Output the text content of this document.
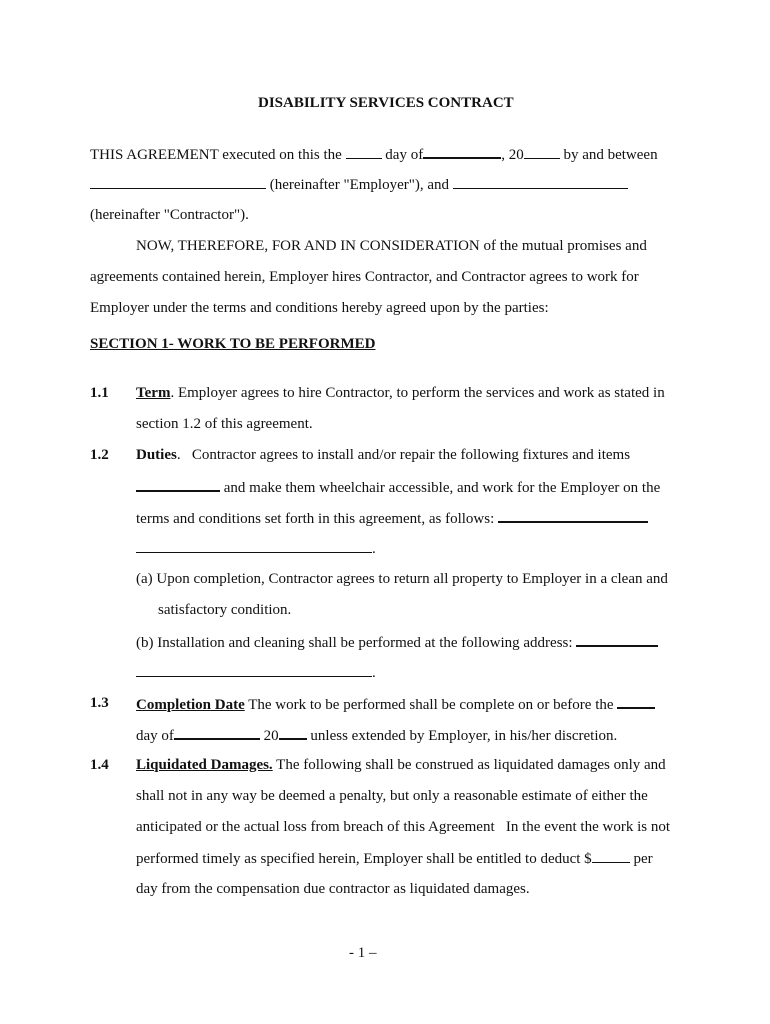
DISABILITY SERVICES CONTRACT
THIS AGREEMENT executed on this the	day of	, 20	by and between
(hereinafter "Employer"), and
(hereinafter "Contractor").
NOW, THEREFORE, FOR AND IN CONSIDERATION of the mutual promises and
agreements contained herein, Employer hires Contractor, and Contractor agrees to work for
Employer under the terms and conditions hereby agreed upon by the parties:
SECTION 1- WORK TO BE PERFORMED
1.1 Term. Employer agrees to hire Contractor, to perform the services and work as stated in
section 1.2 of this agreement.
1.2 Duties.   Contractor agrees to install and/or repair the following fixtures and items
and make them wheelchair accessible, and work for the Employer on the
terms and conditions set forth in this agreement, as follows:
.
(a) Upon completion, Contractor agrees to return all property to Employer in a clean and
satisfactory condition.
(b) Installation and cleaning shall be performed at the following address:
.
1.3 Completion Date The work to be performed shall be complete on or before the
day of	20 unless extended by Employer, in his/her discretion.
1.4 Liquidated Damages. The following shall be construed as liquidated damages only and
shall not in any way be deemed a penalty, but only a reasonable estimate of either the
anticipated or the actual loss from breach of this Agreement   In the event the work is not
performed timely as specified herein, Employer shall be entitled to deduct $	per
day from the compensation due contractor as liquidated damages.
- 1 –
